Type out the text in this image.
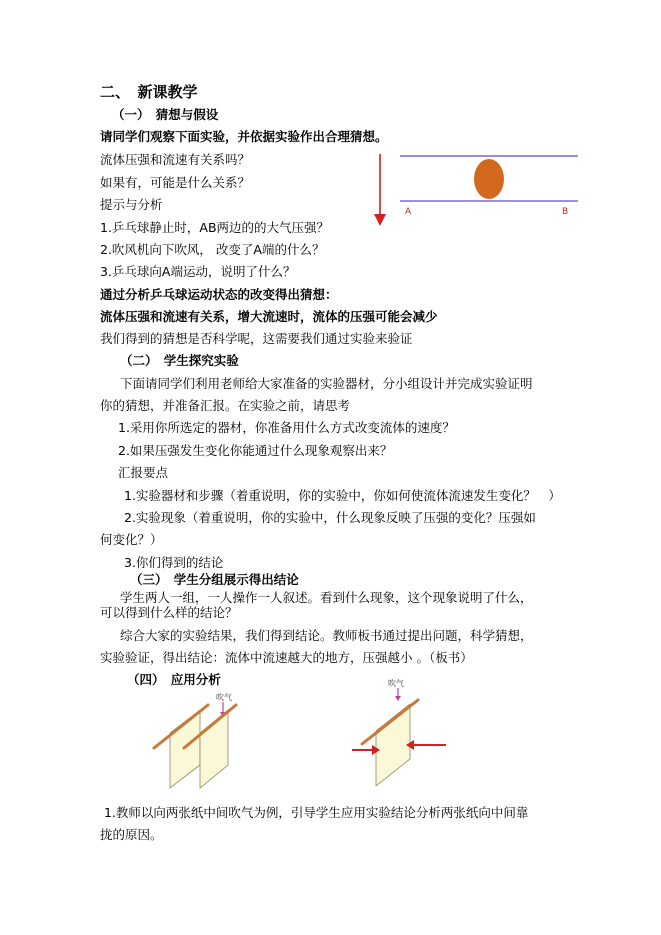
二、　新课教学
（一）　猜想与假设
请同学们观察下面实验，并依据实验作出合理猜想。
流体压强和流速有关系吗？
如果有，可能是什么关系？
提示与分析
1.乒乓球静止时，AB两边的的大气压强？
2.吹风机向下吹风， 改变了A端的什么？
3.乒乓球向A端运动，说明了什么？
通过分析乒乓球运动状态的改变得出猜想：
流体压强和流速有关系，增大流速时，流体的压强可能会减少
我们得到的猜想是否科学呢，这需要我们通过实验来验证
A	B
（二）　学生探究实验
下面请同学们利用老师给大家准备的实验器材，分小组设计并完成实验证明
你的猜想，并准备汇报。在实验之前，请思考
1.采用你所选定的器材，你准备用什么方式改变流体的速度？
2.如果压强发生变化你能通过什么现象观察出来？
汇报要点
1.实验器材和步骤（着重说明，你的实验中，你如何使流体流速发生变化？　）
2.实验现象（着重说明，你的实验中，什么现象反映了压强的变化？压强如
何变化？）
3.你们得到的结论
（三）　学生分组展示得出结论
学生两人一组，一人操作一人叙述。看到什么现象，这个现象说明了什么，
可以得到什么样的结论？
综合大家的实验结果，我们得到结论。教师板书通过提出问题，科学猜想，
实验验证，得出结论：流体中流速越大的地方，压强越小 。（板书）
（四）　应用分析
吹气
吹气
1.教师以向两张纸中间吹气为例，引导学生应用实验结论分析两张纸向中间靠
拢的原因。
